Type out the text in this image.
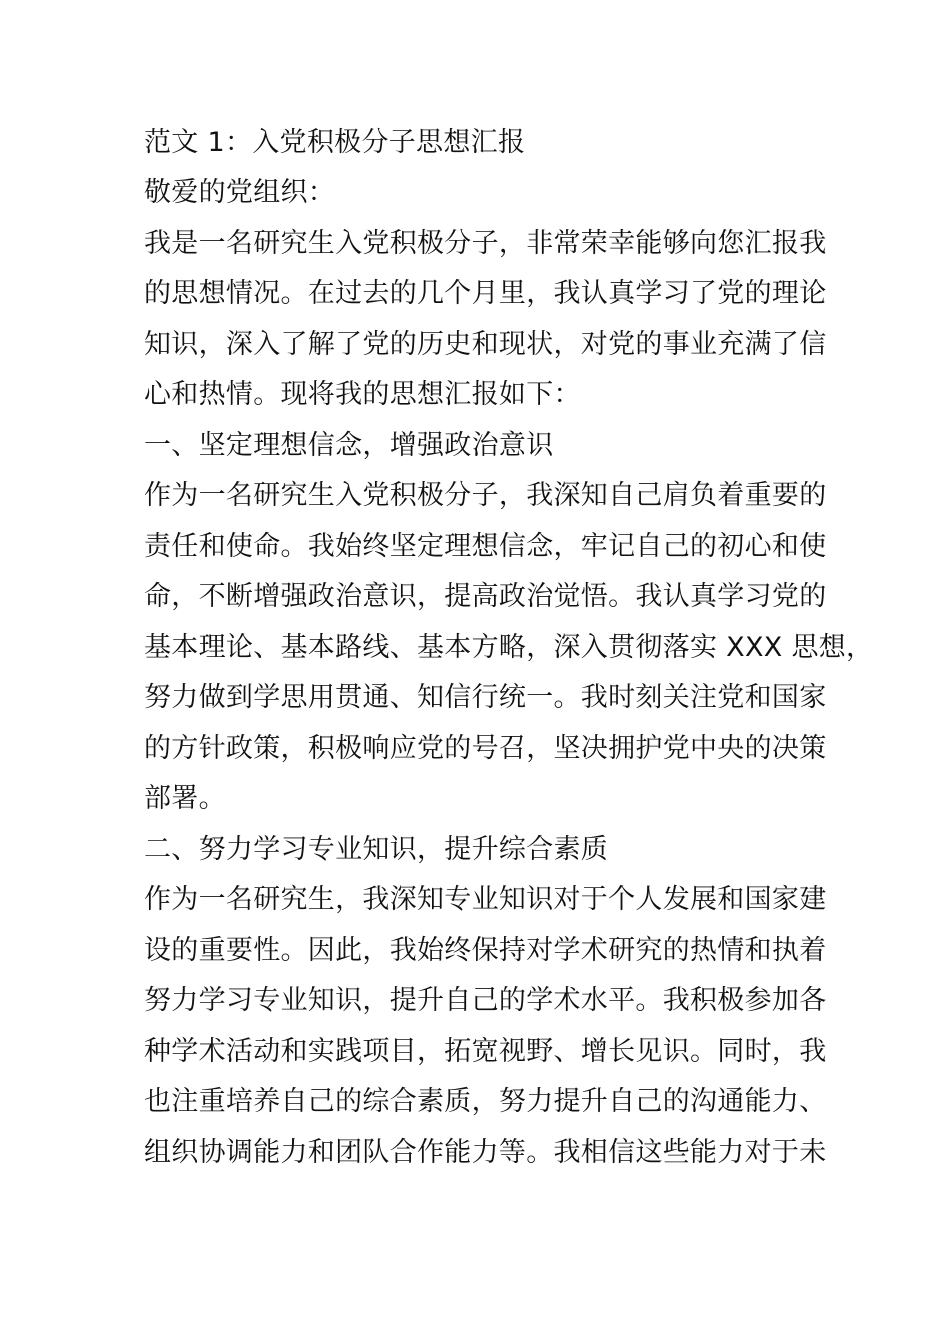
范文 1：入党积极分子思想汇报
敬爱的党组织：
我是一名研究生入党积极分子，非常荣幸能够向您汇报我
的思想情况。在过去的几个月里，我认真学习了党的理论
知识，深入了解了党的历史和现状，对党的事业充满了信
心和热情。现将我的思想汇报如下：
一、坚定理想信念，增强政治意识
作为一名研究生入党积极分子，我深知自己肩负着重要的
责任和使命。我始终坚定理想信念，牢记自己的初心和使
命，不断增强政治意识，提高政治觉悟。我认真学习党的
基本理论、基本路线、基本方略，深入贯彻落实 XXX 思想，
努力做到学思用贯通、知信行统一。我时刻关注党和国家
的方针政策，积极响应党的号召，坚决拥护党中央的决策
部署。
二、努力学习专业知识，提升综合素质
作为一名研究生，我深知专业知识对于个人发展和国家建
设的重要性。因此，我始终保持对学术研究的热情和执着
努力学习专业知识，提升自己的学术水平。我积极参加各
种学术活动和实践项目，拓宽视野、增长见识。同时，我
也注重培养自己的综合素质，努力提升自己的沟通能力、
组织协调能力和团队合作能力等。我相信这些能力对于未
